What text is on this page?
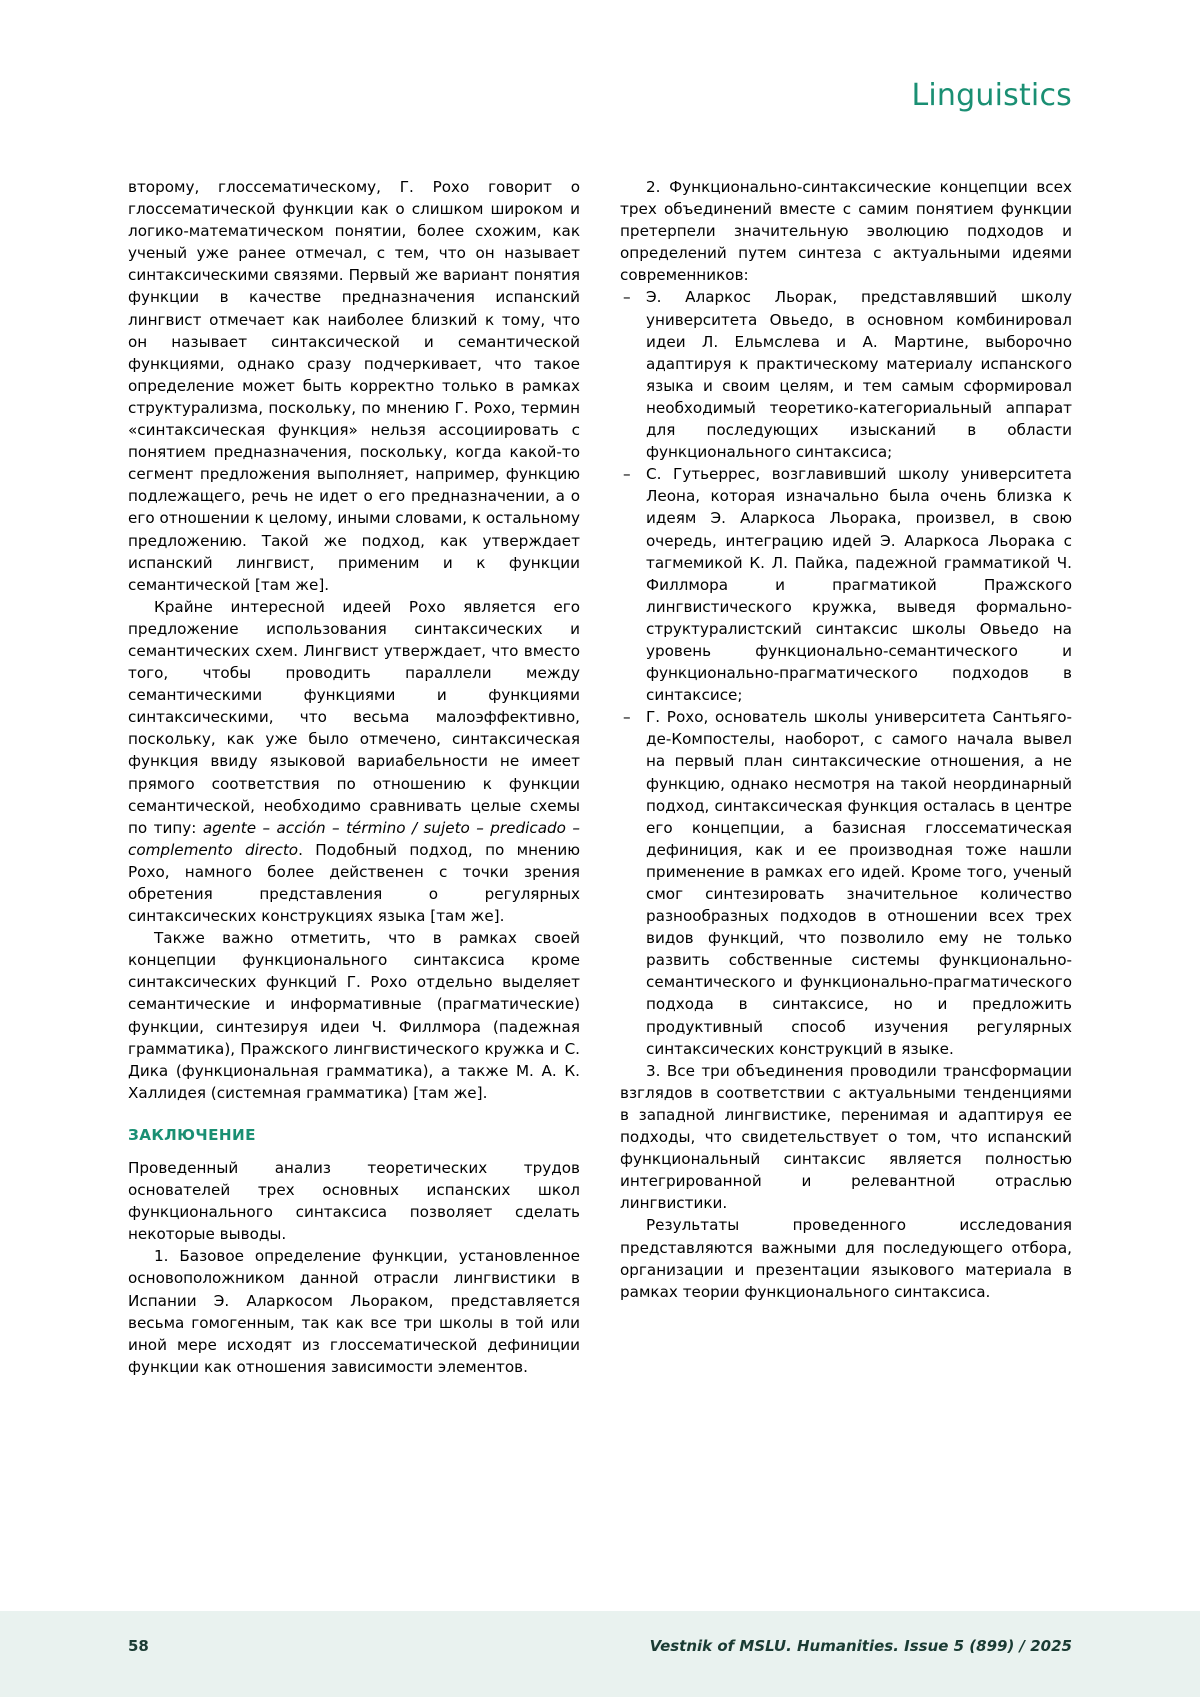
Linguistics

второму, глоссематическому, Г. Рохо говорит о глоссематической функции как о слишком широком и логико-математическом понятии, более схожим, как ученый уже ранее отмечал, с тем, что он называет синтаксическими связями. Первый же вариант понятия функции в качестве предназначения испанский лингвист отмечает как наиболее близкий к тому, что он называет синтаксической и семантической функциями, однако сразу подчеркивает, что такое определение может быть корректно только в рамках структурализма, поскольку, по мнению Г. Рохо, термин «синтаксическая функция» нельзя ассоциировать с понятием предназначения, поскольку, когда какой-то сегмент предложения выполняет, например, функцию подлежащего, речь не идет о его предназначении, а о его отношении к целому, иными словами, к остальному предложению. Такой же подход, как утверждает испанский лингвист, применим и к функции семантической [там же].

Крайне интересной идеей Рохо является его предложение использования синтаксических и семантических схем. Лингвист утверждает, что вместо того, чтобы проводить параллели между семантическими функциями и функциями синтаксическими, что весьма малоэффективно, поскольку, как уже было отмечено, синтаксическая функция ввиду языковой вариабельности не имеет прямого соответствия по отношению к функции семантической, необходимо сравнивать целые схемы по типу: agente – acción – término / sujeto – predicado – complemento directo. Подобный подход, по мнению Рохо, намного более действенен с точки зрения обретения представления о регулярных синтаксических конструкциях языка [там же].

Также важно отметить, что в рамках своей концепции функционального синтаксиса кроме синтаксических функций Г. Рохо отдельно выделяет семантические и информативные (прагматические) функции, синтезируя идеи Ч. Филлмора (падежная грамматика), Пражского лингвистического кружка и С. Дика (функциональная грамматика), а также М. А. К. Халлидея (системная грамматика) [там же].

ЗАКЛЮЧЕНИЕ

Проведенный анализ теоретических трудов основателей трех основных испанских школ функционального синтаксиса позволяет сделать некоторые выводы.

1. Базовое определение функции, установленное основоположником данной отрасли лингвистики в Испании Э. Аларкосом Льораком, представляется весьма гомогенным, так как все три школы в той или иной мере исходят из глоссематической дефиниции функции как отношения зависимости элементов.

2. Функционально-синтаксические концепции всех трех объединений вместе с самим понятием функции претерпели значительную эволюцию подходов и определений путем синтеза с актуальными идеями современников:

– Э. Аларкос Льорак, представлявший школу университета Овьедо, в основном комбинировал идеи Л. Ельмслева и А. Мартине, выборочно адаптируя к практическому материалу испанского языка и своим целям, и тем самым сформировал необходимый теоретико-категориальный аппарат для последующих изысканий в области функционального синтаксиса;
– С. Гутьеррес, возглавивший школу университета Леона, которая изначально была очень близка к идеям Э. Аларкоса Льорака, произвел, в свою очередь, интеграцию идей Э. Аларкоса Льорака с тагмемикой К. Л. Пайка, падежной грамматикой Ч. Филлмора и прагматикой Пражского лингвистического кружка, выведя формально-структуралистский синтаксис школы Овьедо на уровень функционально-семантического и функционально-прагматического подходов в синтаксисе;
– Г. Рохо, основатель школы университета Сантьяго-де-Компостелы, наоборот, с самого начала вывел на первый план синтаксические отношения, а не функцию, однако несмотря на такой неординарный подход, синтаксическая функция осталась в центре его концепции, а базисная глоссематическая дефиниция, как и ее производная тоже нашли применение в рамках его идей. Кроме того, ученый смог синтезировать значительное количество разнообразных подходов в отношении всех трех видов функций, что позволило ему не только развить собственные системы функционально-семантического и функционально-прагматического подхода в синтаксисе, но и предложить продуктивный способ изучения регулярных синтаксических конструкций в языке.

3. Все три объединения проводили трансформации взглядов в соответствии с актуальными тенденциями в западной лингвистике, перенимая и адаптируя ее подходы, что свидетельствует о том, что испанский функциональный синтаксис является полностью интегрированной и релевантной отраслью лингвистики.

Результаты проведенного исследования представляются важными для последующего отбора, организации и презентации языкового материала в рамках теории функционального синтаксиса.

58	Vestnik of MSLU. Humanities. Issue 5 (899) / 2025
